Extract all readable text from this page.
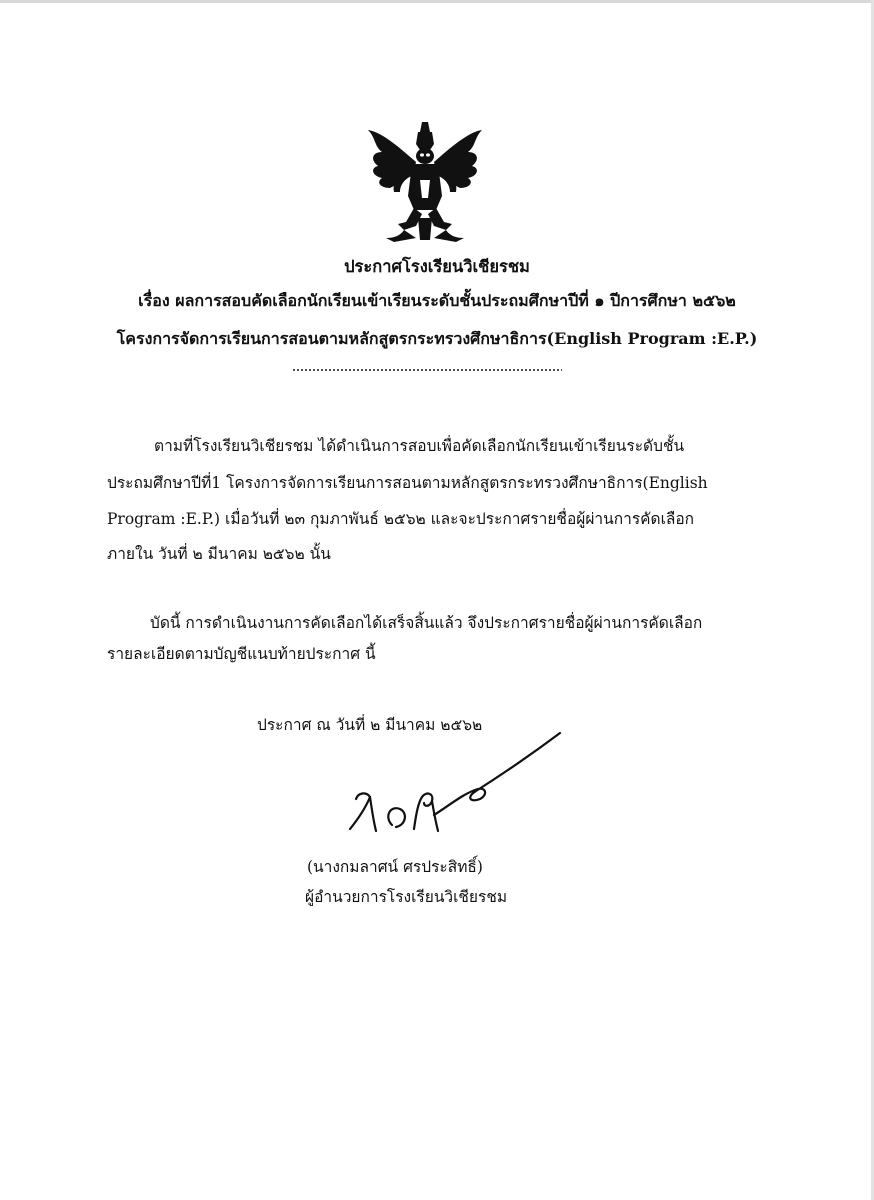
ประกาศโรงเรียนวิเชียรชม
เรื่อง ผลการสอบคัดเลือกนักเรียนเข้าเรียนระดับชั้นประถมศึกษาปีที่ ๑ ปีการศึกษา ๒๕๖๒
โครงการจัดการเรียนการสอนตามหลักสูตรกระทรวงศึกษาธิการ(English Program :E.P.)
ตามที่โรงเรียนวิเชียรชม ได้ดำเนินการสอบเพื่อคัดเลือกนักเรียนเข้าเรียนระดับชั้น
ประถมศึกษาปีที่1 โครงการจัดการเรียนการสอนตามหลักสูตรกระทรวงศึกษาธิการ(English
Program :E.P.) เมื่อวันที่ ๒๓ กุมภาพันธ์ ๒๕๖๒ และจะประกาศรายชื่อผู้ผ่านการคัดเลือก
ภายใน วันที่ ๒ มีนาคม ๒๕๖๒ นั้น
บัดนี้ การดำเนินงานการคัดเลือกได้เสร็จสิ้นแล้ว จึงประกาศรายชื่อผู้ผ่านการคัดเลือก
รายละเอียดตามบัญชีแนบท้ายประกาศ นี้
ประกาศ ณ วันที่ ๒ มีนาคม ๒๕๖๒
(นางกมลาศน์ ศรประสิทธิ์)
ผู้อำนวยการโรงเรียนวิเชียรชม
